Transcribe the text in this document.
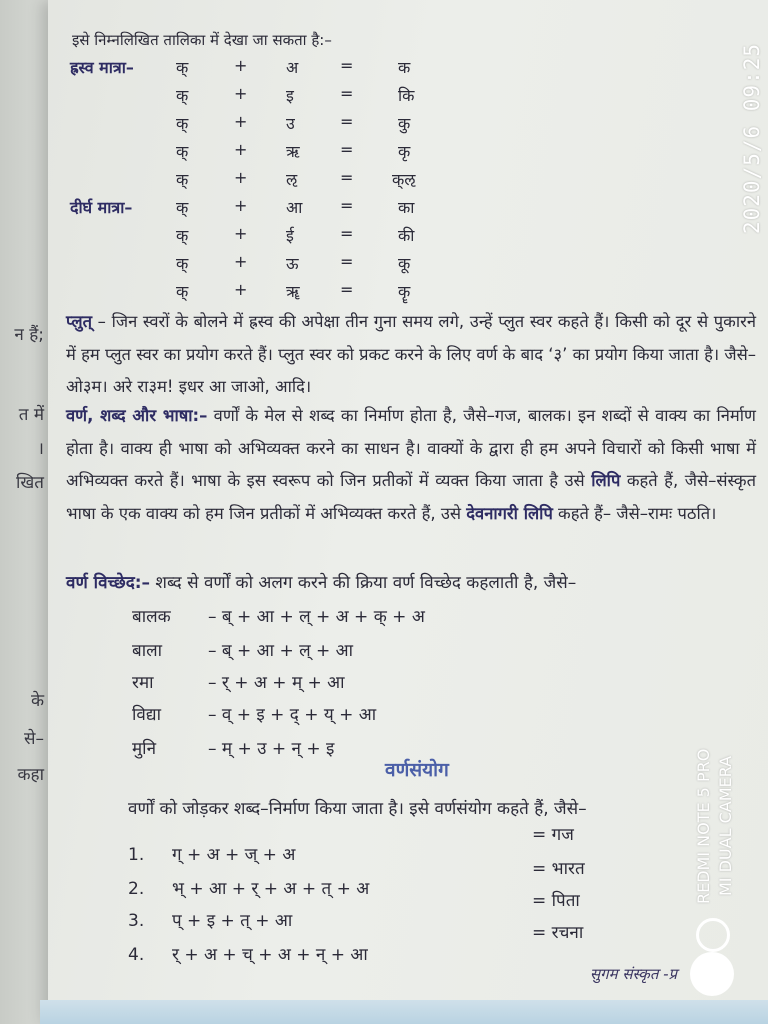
न हैं;
त में
।
खित
के
से–
कहा
इसे निम्नलिखित तालिका में देखा जा सकता है:–
ह्रस्व मात्रा–	क्	+ अ	=	क
क्	+ इ	=	कि
क्	+ उ	=	कु
क्	+ ऋ	=	कृ
क्	+ ऌ	= क्ऌ
दीर्घ मात्रा–	क्	+ आ =	का
क्	+ ई	=	की
क्	+ ऊ	=	कू
क्	+ ॠ	=	कॄ
प्लुत् – जिन स्वरों के बोलने में ह्रस्व की अपेक्षा तीन गुना समय लगे, उन्हें प्लुत स्वर कहते हैं। किसी को दूर से पुकारने में हम प्लुत स्वर का प्रयोग करते हैं। प्लुत स्वर को प्रकट करने के लिए वर्ण के बाद ‘३’ का प्रयोग किया जाता है। जैसे– ओ३म। अरे रा३म! इधर आ जाओ, आदि।
वर्ण, शब्द और भाषा:– वर्णों के मेल से शब्द का निर्माण होता है, जैसे–गज, बालक। इन शब्दों से वाक्य का निर्माण होता है। वाक्य ही भाषा को अभिव्यक्त करने का साधन है। वाक्यों के द्वारा ही हम अपने विचारों को किसी भाषा में अभिव्यक्त करते हैं। भाषा के इस स्वरूप को जिन प्रतीकों में व्यक्त किया जाता है उसे लिपि कहते हैं, जैसे–संस्कृत भाषा के एक वाक्य को हम जिन प्रतीकों में अभिव्यक्त करते हैं, उसे देवनागरी लिपि कहते हैं– जैसे–रामः पठति।
वर्ण विच्छेद:– शब्द से वर्णों को अलग करने की क्रिया वर्ण विच्छेद कहलाती है, जैसे–
बालक – ब् + आ + ल् + अ + क् + अ
बाला	– ब् + आ + ल् + आ
रमा	– र् + अ + म् + आ
विद्या	– व् + इ + द् + य् + आ
मुनि	– म् + उ + न् + इ
वर्णसंयोग
वर्णों को जोड़कर शब्द–निर्माण किया जाता है। इसे वर्णसंयोग कहते हैं, जैसे–
1. ग् + अ + ज् + अ
= गज
2. भ् + आ + र् + अ + त् + अ
= भारत
3. प् + इ + त् + आ
= पिता
4. र् + अ + च् + अ + न् + आ
= रचना
सुगम संस्कृत -प्र
2020/5/6 09:25
REDMI NOTE 5 PRO MI DUAL CAMERA
